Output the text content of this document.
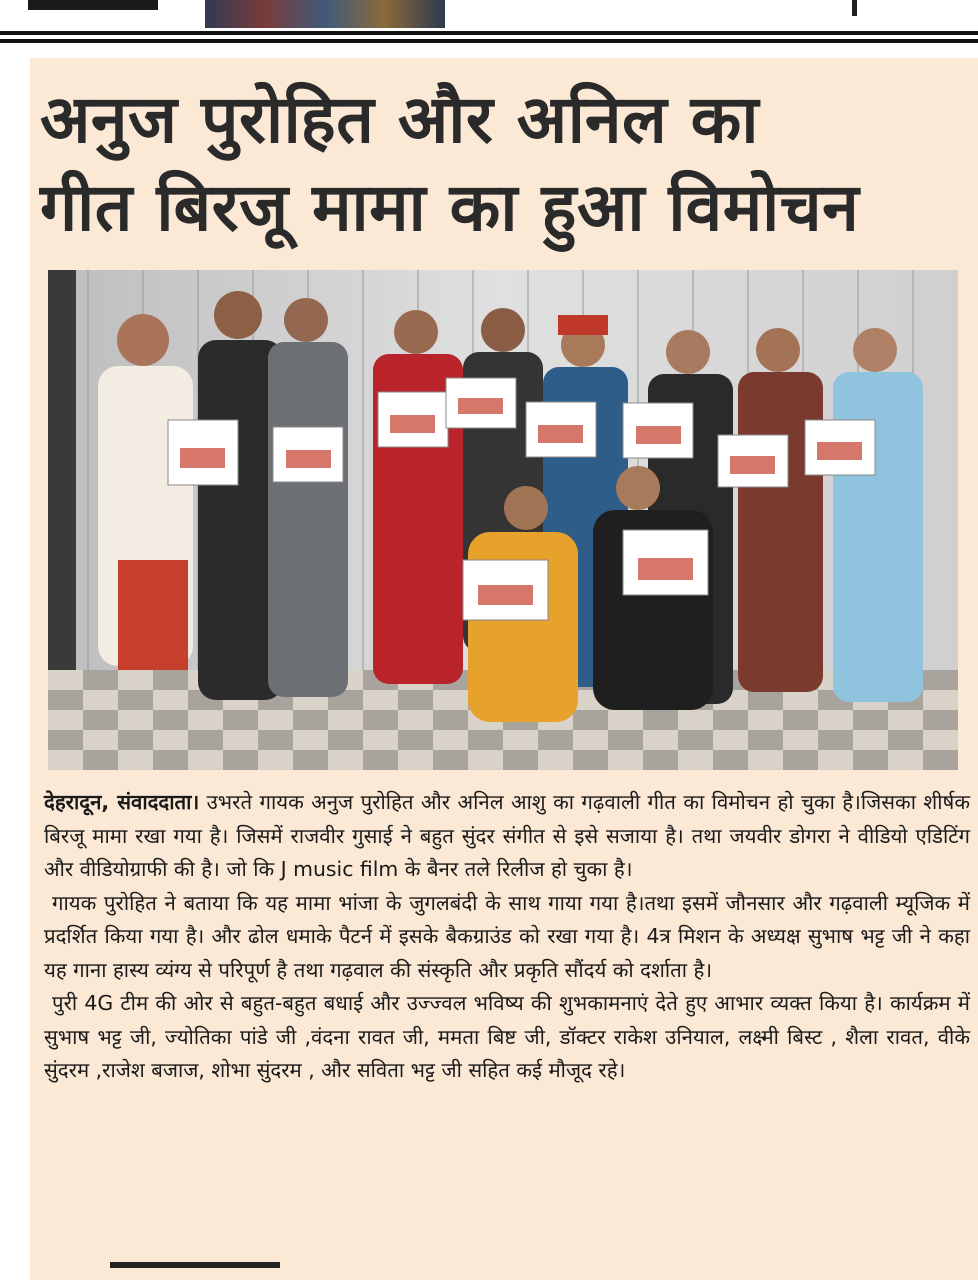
अनुज पुरोहित और अनिल का
गीत बिरजू मामा का हुआ विमोचन

देहरादून, संवाददाता। उभरते गायक अनुज पुरोहित और अनिल आशु का गढ़वाली गीत का विमोचन हो चुका है।जिसका शीर्षक बिरजू मामा रखा गया है। जिसमें राजवीर गुसाई ने बहुत सुंदर संगीत से इसे सजाया है। तथा जयवीर डोगरा ने वीडियो एडिटिंग और वीडियोग्राफी की है। जो कि J music film के बैनर तले रिलीज हो चुका है।

गायक पुरोहित ने बताया कि यह मामा भांजा के जुगलबंदी के साथ गाया गया है।तथा इसमें जौनसार और गढ़वाली म्यूजिक में प्रदर्शित किया गया है। और ढोल धमाके पैटर्न में इसके बैकग्राउंड को रखा गया है। 4त्र मिशन के अध्यक्ष सुभाष भट्ट जी ने कहा यह गाना हास्य व्यंग्य से परिपूर्ण है तथा गढ़वाल की संस्कृति और प्रकृति सौंदर्य को दर्शाता है।

पुरी 4G टीम की ओर से बहुत-बहुत बधाई और उज्ज्वल भविष्य की शुभकामनाएं देते हुए आभार व्यक्त किया है। कार्यक्रम में सुभाष भट्ट जी, ज्योतिका पांडे जी ,वंदना रावत जी, ममता बिष्ट जी, डॉक्टर राकेश उनियाल, लक्ष्मी बिस्ट , शैला रावत, वीके सुंदरम ,राजेश बजाज, शोभा सुंदरम , और सविता भट्ट जी सहित कई मौजूद रहे।
